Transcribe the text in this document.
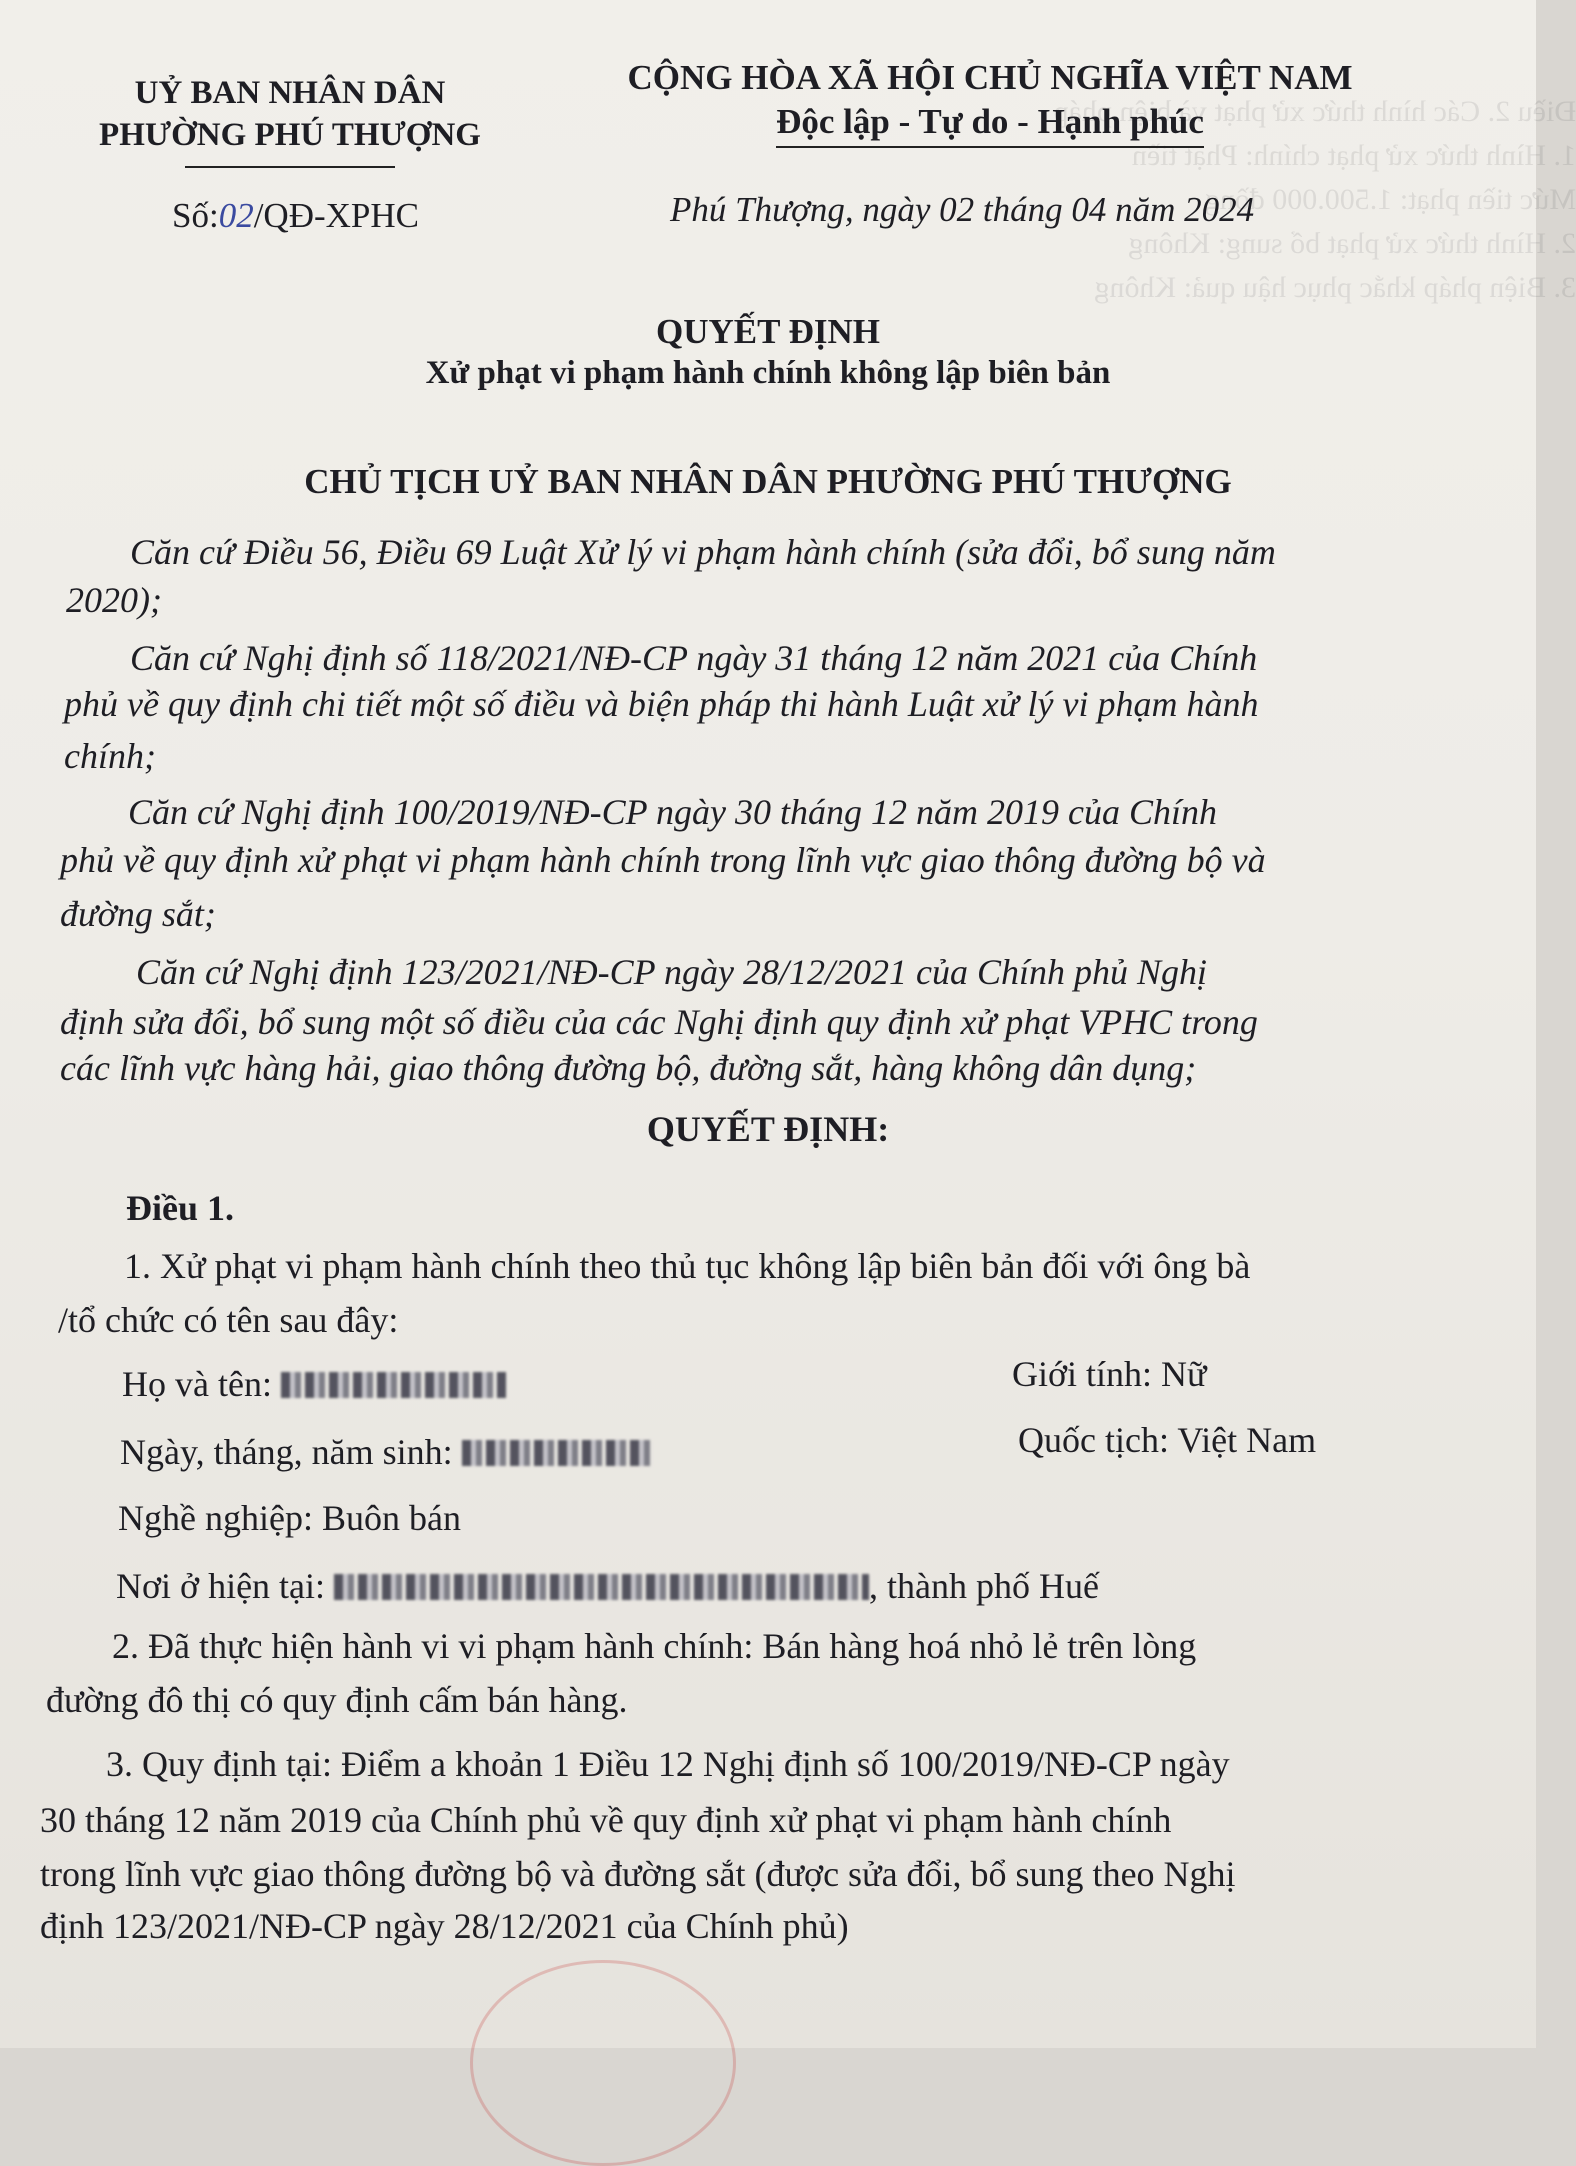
Điều 2. Các hình thức xử phạt và biện pháp
1. Hình thức xử phạt chính: Phạt tiền
Mức tiền phạt: 1.500.000 đồng
2. Hình thức xử phạt bổ sung: Không
3. Biện pháp khắc phục hậu quả: Không
UỶ BAN NHÂN DÂN
PHƯỜNG PHÚ THƯỢNG
Số:02/QĐ-XPHC
CỘNG HÒA XÃ HỘI CHỦ NGHĨA VIỆT NAM
Độc lập - Tự do - Hạnh phúc
Phú Thượng, ngày 02 tháng 04 năm 2024
QUYẾT ĐỊNH
Xử phạt vi phạm hành chính không lập biên bản
CHỦ TỊCH UỶ BAN NHÂN DÂN PHƯỜNG PHÚ THƯỢNG
Căn cứ Điều 56, Điều 69 Luật Xử lý vi phạm hành chính (sửa đổi, bổ sung năm
2020);
Căn cứ Nghị định số 118/2021/NĐ-CP ngày 31 tháng 12 năm 2021 của Chính
phủ về quy định chi tiết một số điều và biện pháp thi hành Luật xử lý vi phạm hành
chính;
Căn cứ Nghị định 100/2019/NĐ-CP ngày 30 tháng 12 năm 2019 của Chính
phủ về quy định xử phạt vi phạm hành chính trong lĩnh vực giao thông đường bộ và
đường sắt;
Căn cứ Nghị định 123/2021/NĐ-CP ngày 28/12/2021 của Chính phủ Nghị
định sửa đổi, bổ sung một số điều của các Nghị định quy định xử phạt VPHC trong
các lĩnh vực hàng hải, giao thông đường bộ, đường sắt, hàng không dân dụng;
QUYẾT ĐỊNH:
Điều 1.
1. Xử phạt vi phạm hành chính theo thủ tục không lập biên bản đối với ông bà
/tổ chức có tên sau đây:
Họ và tên:	Giới tính: Nữ
Ngày, tháng, năm sinh:	Quốc tịch: Việt Nam
Nghề nghiệp: Buôn bán
Nơi ở hiện tại:	, thành phố Huế
2. Đã thực hiện hành vi vi phạm hành chính: Bán hàng hoá nhỏ lẻ trên lòng
đường đô thị có quy định cấm bán hàng.
3. Quy định tại: Điểm a khoản 1 Điều 12 Nghị định số 100/2019/NĐ-CP ngày
30 tháng 12 năm 2019 của Chính phủ về quy định xử phạt vi phạm hành chính
trong lĩnh vực giao thông đường bộ và đường sắt (được sửa đổi, bổ sung theo Nghị
định 123/2021/NĐ-CP ngày 28/12/2021 của Chính phủ)
